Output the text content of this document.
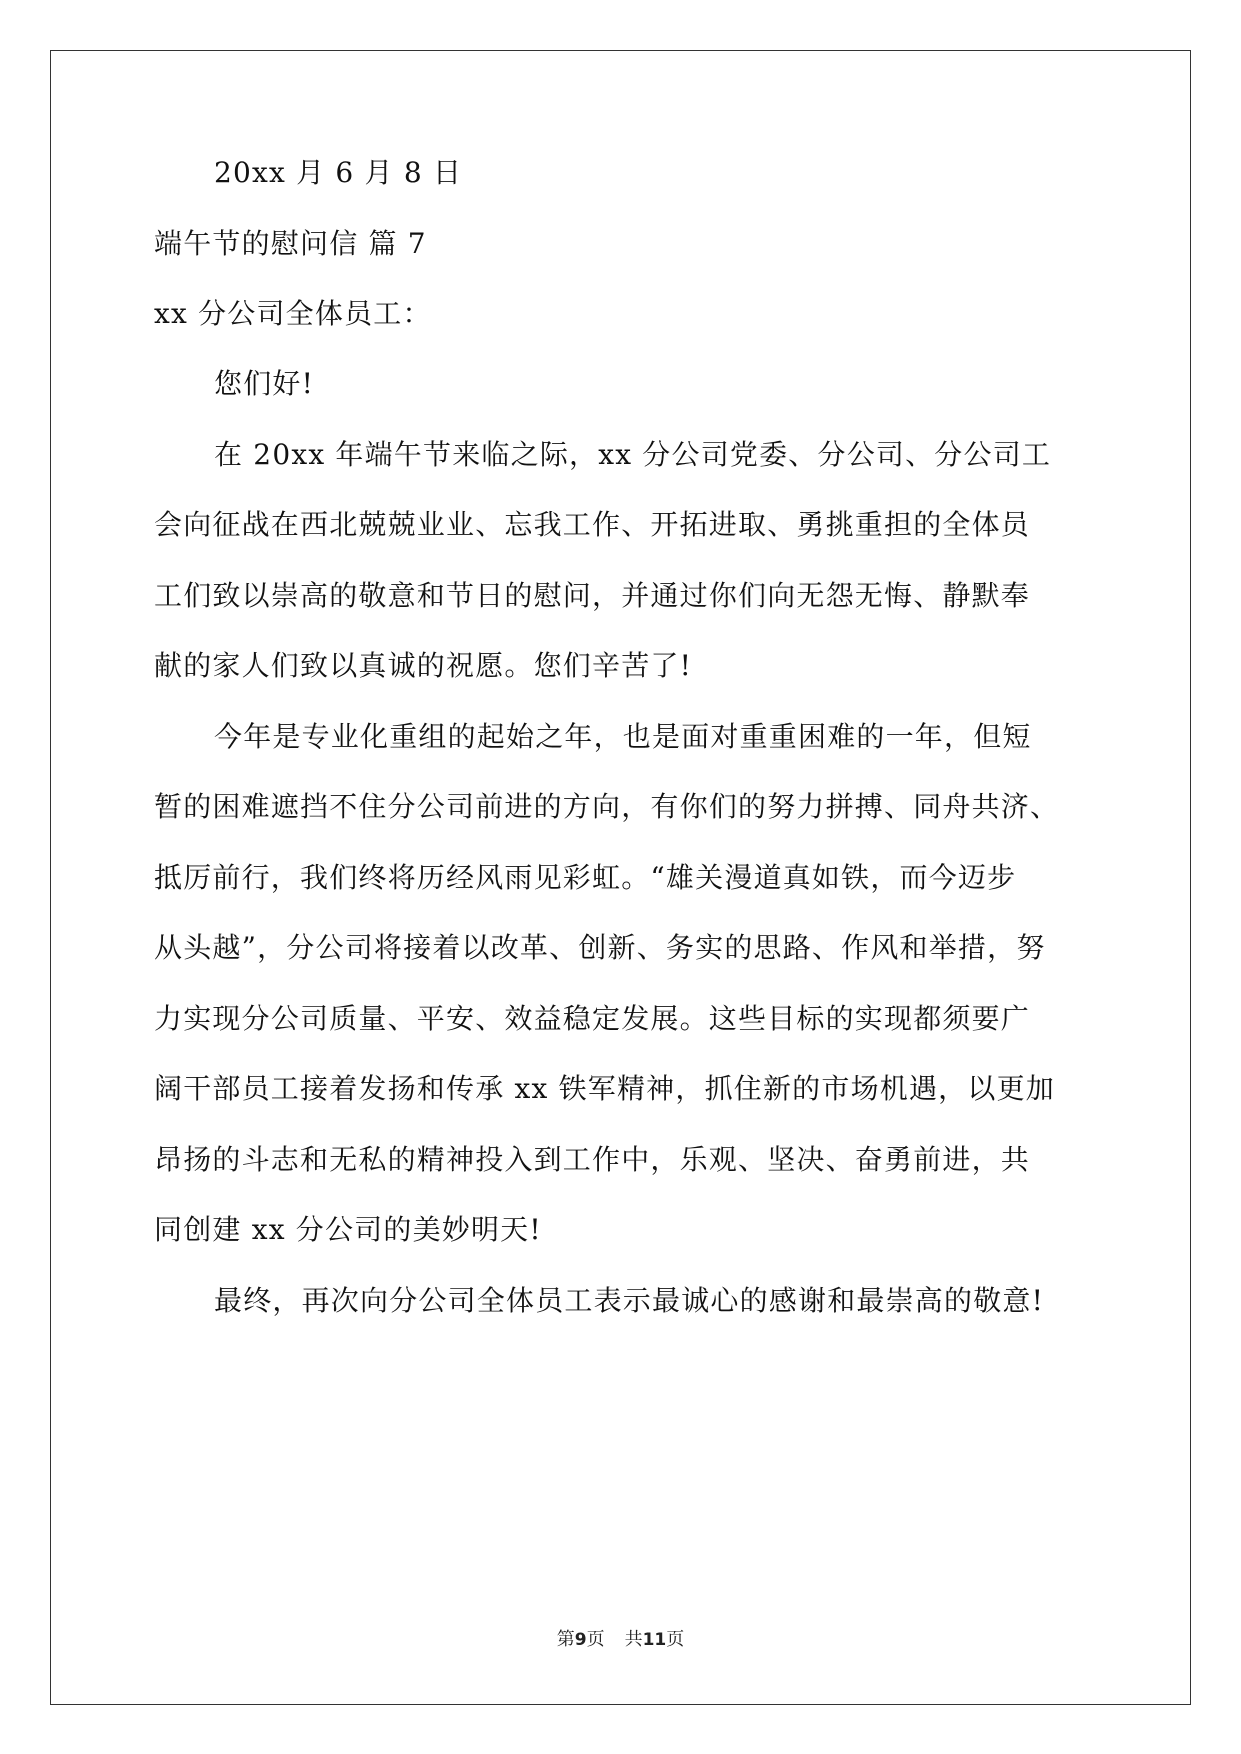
20xx 月 6 月 8 日
端午节的慰问信 篇 7
xx 分公司全体员工：
您们好!
在 20xx 年端午节来临之际，xx 分公司党委、分公司、分公司工
会向征战在西北兢兢业业、忘我工作、开拓进取、勇挑重担的全体员
工们致以崇高的敬意和节日的慰问，并通过你们向无怨无悔、静默奉
献的家人们致以真诚的祝愿。您们辛苦了!
今年是专业化重组的起始之年，也是面对重重困难的一年，但短
暂的困难遮挡不住分公司前进的方向，有你们的努力拼搏、同舟共济、
抵厉前行，我们终将历经风雨见彩虹。“雄关漫道真如铁，而今迈步
从头越”，分公司将接着以改革、创新、务实的思路、作风和举措，努
力实现分公司质量、平安、效益稳定发展。这些目标的实现都须要广
阔干部员工接着发扬和传承 xx 铁军精神，抓住新的市场机遇，以更加
昂扬的斗志和无私的精神投入到工作中，乐观、坚决、奋勇前进，共
同创建 xx 分公司的美妙明天!
最终，再次向分公司全体员工表示最诚心的感谢和最崇高的敬意!
第9页 共11页
